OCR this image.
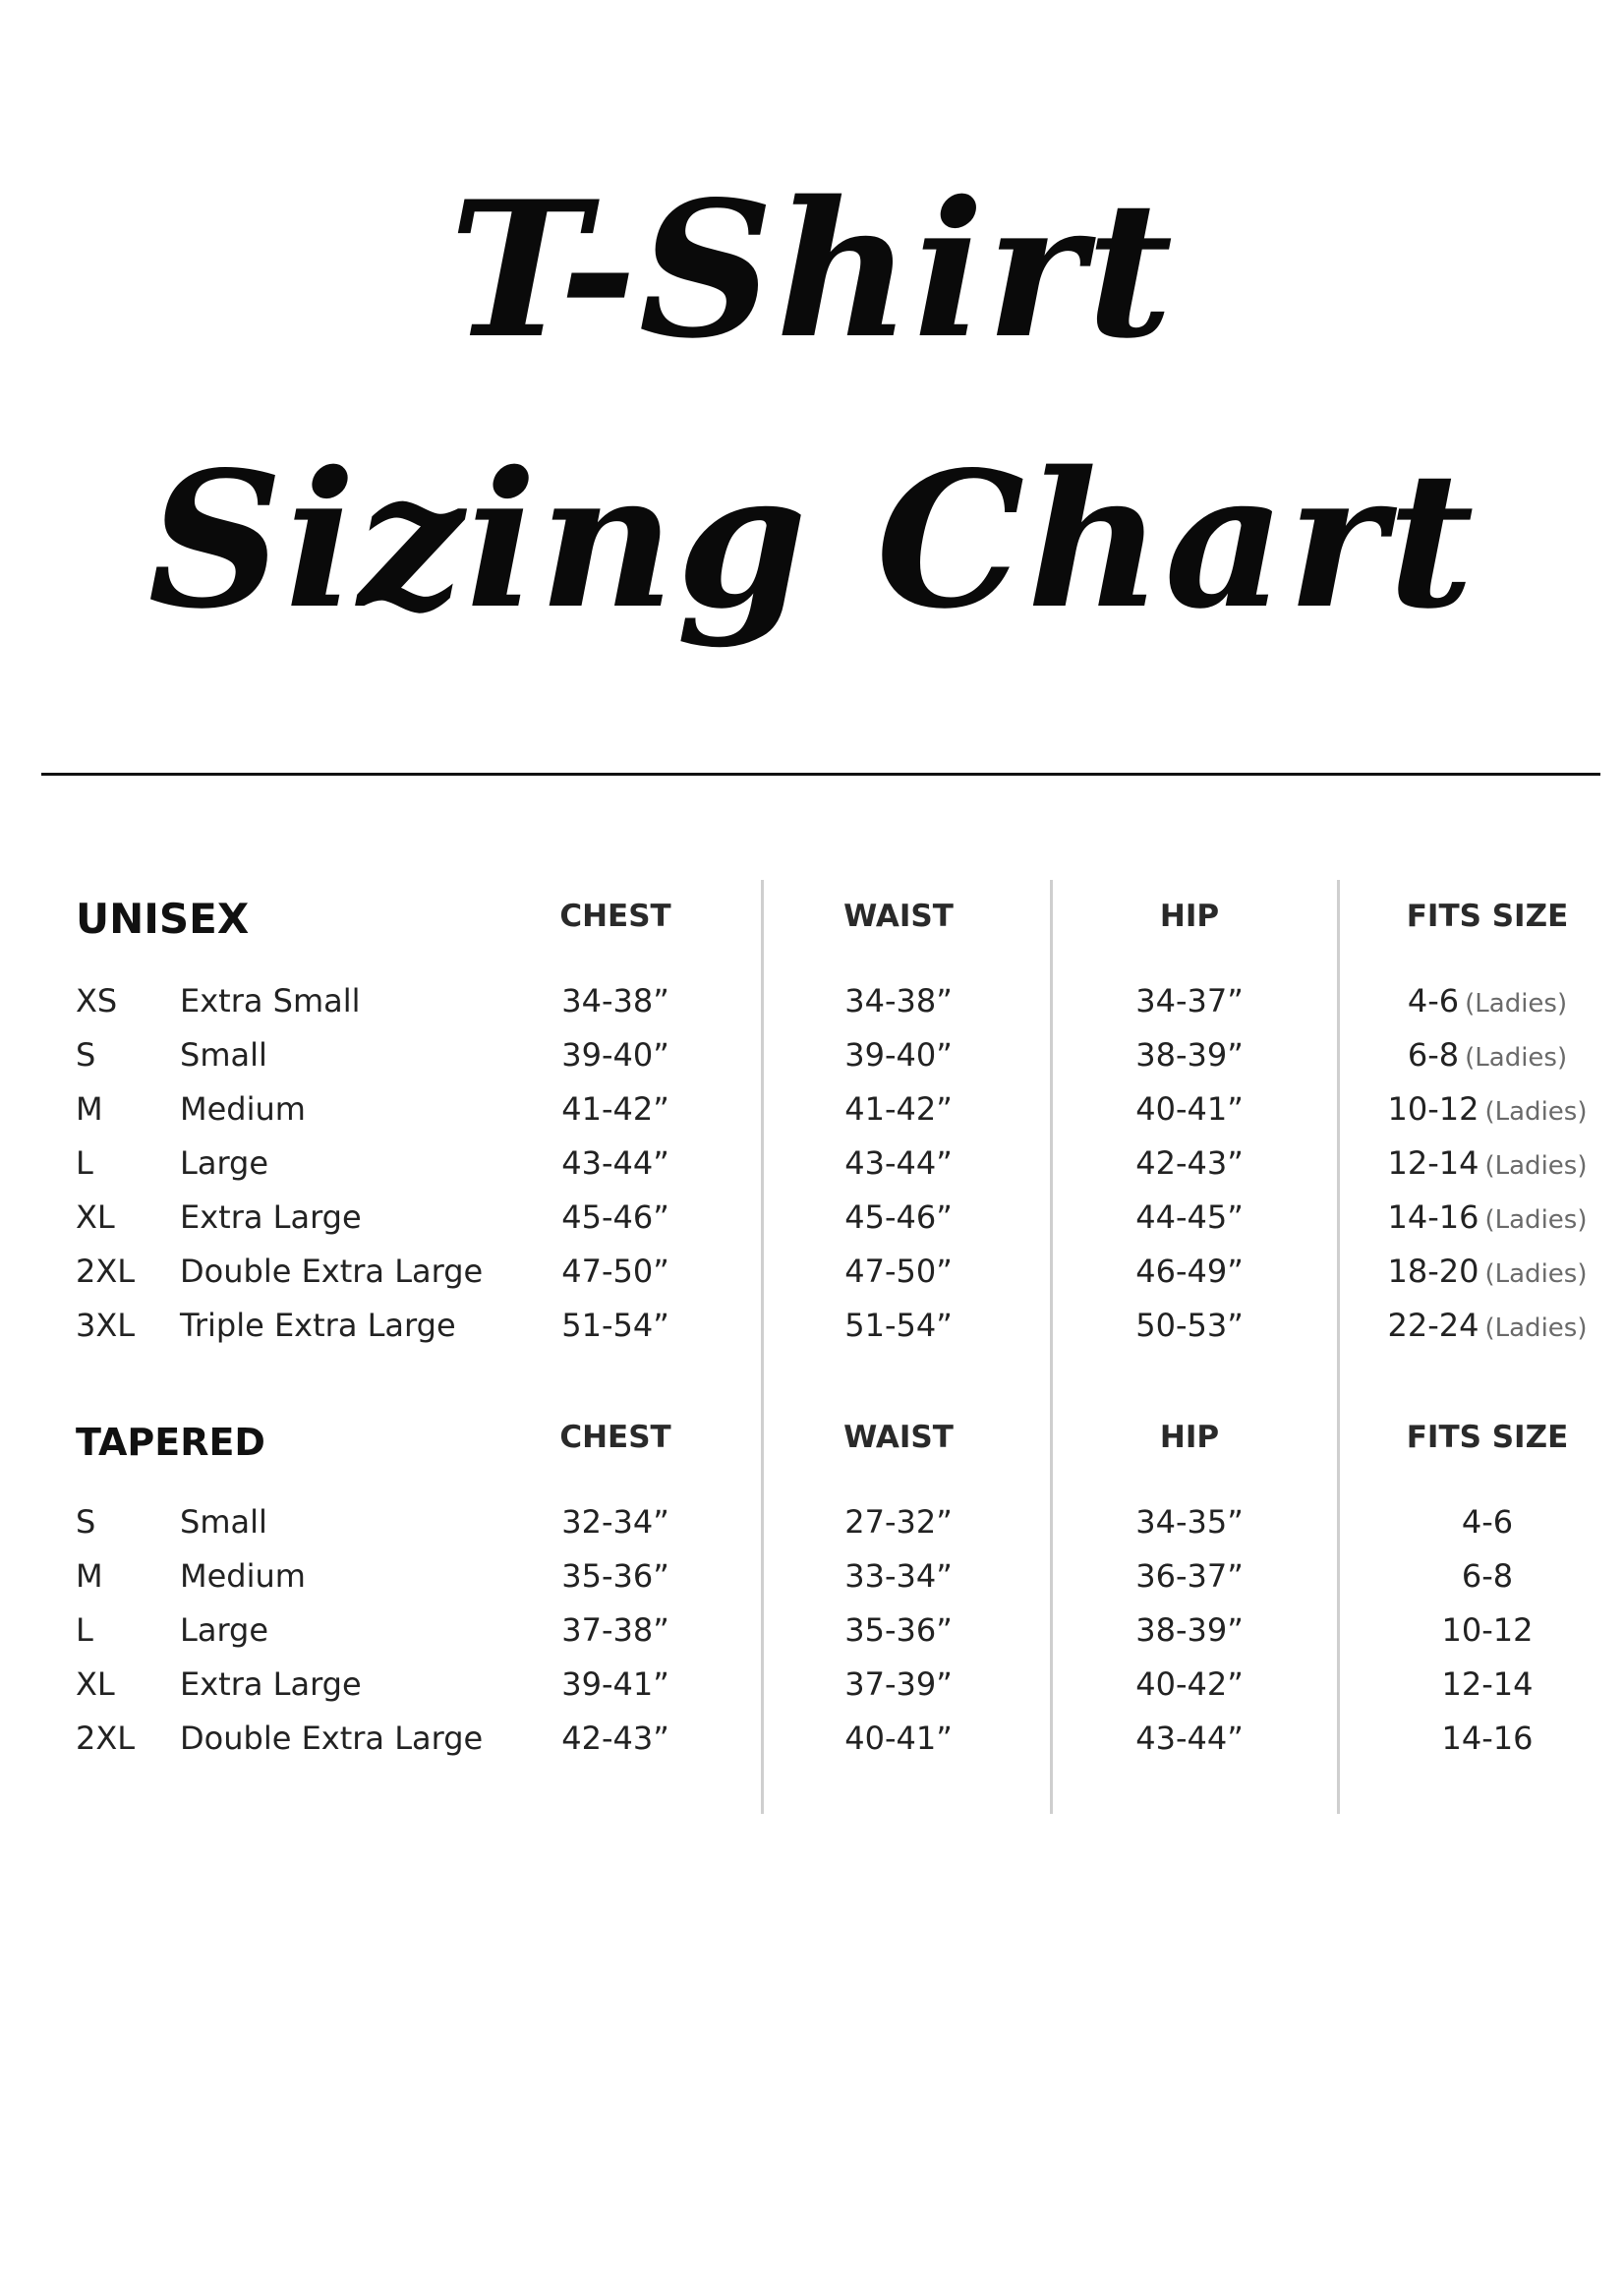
T-Shirt
Sizing Chart
UNISEX	CHEST	WAIST	HIP	FITS SIZE
XS Extra Small	34-38”	34-38”	34-37”	4-6 (Ladies)
S	Small	39-40”	39-40”	38-39”	6-8 (Ladies)
M Medium	41-42”	41-42”	40-41”	10-12 (Ladies)
L	Large	43-44”	43-44”	42-43”	12-14 (Ladies)
XL Extra Large	45-46”	45-46”	44-45”	14-16 (Ladies)
2XL Double Extra Large	47-50”	47-50”	46-49”	18-20 (Ladies)
3XL Triple Extra Large	51-54”	51-54”	50-53”	22-24 (Ladies)
TAPERED	CHEST	WAIST	HIP	FITS SIZE
S	Small	32-34”	27-32”	34-35”	4-6
M Medium	35-36”	33-34”	36-37”	6-8
L	Large	37-38”	35-36”	38-39”	10-12
XL Extra Large	39-41”	37-39”	40-42”	12-14
2XL Double Extra Large	42-43”	40-41”	43-44”	14-16
